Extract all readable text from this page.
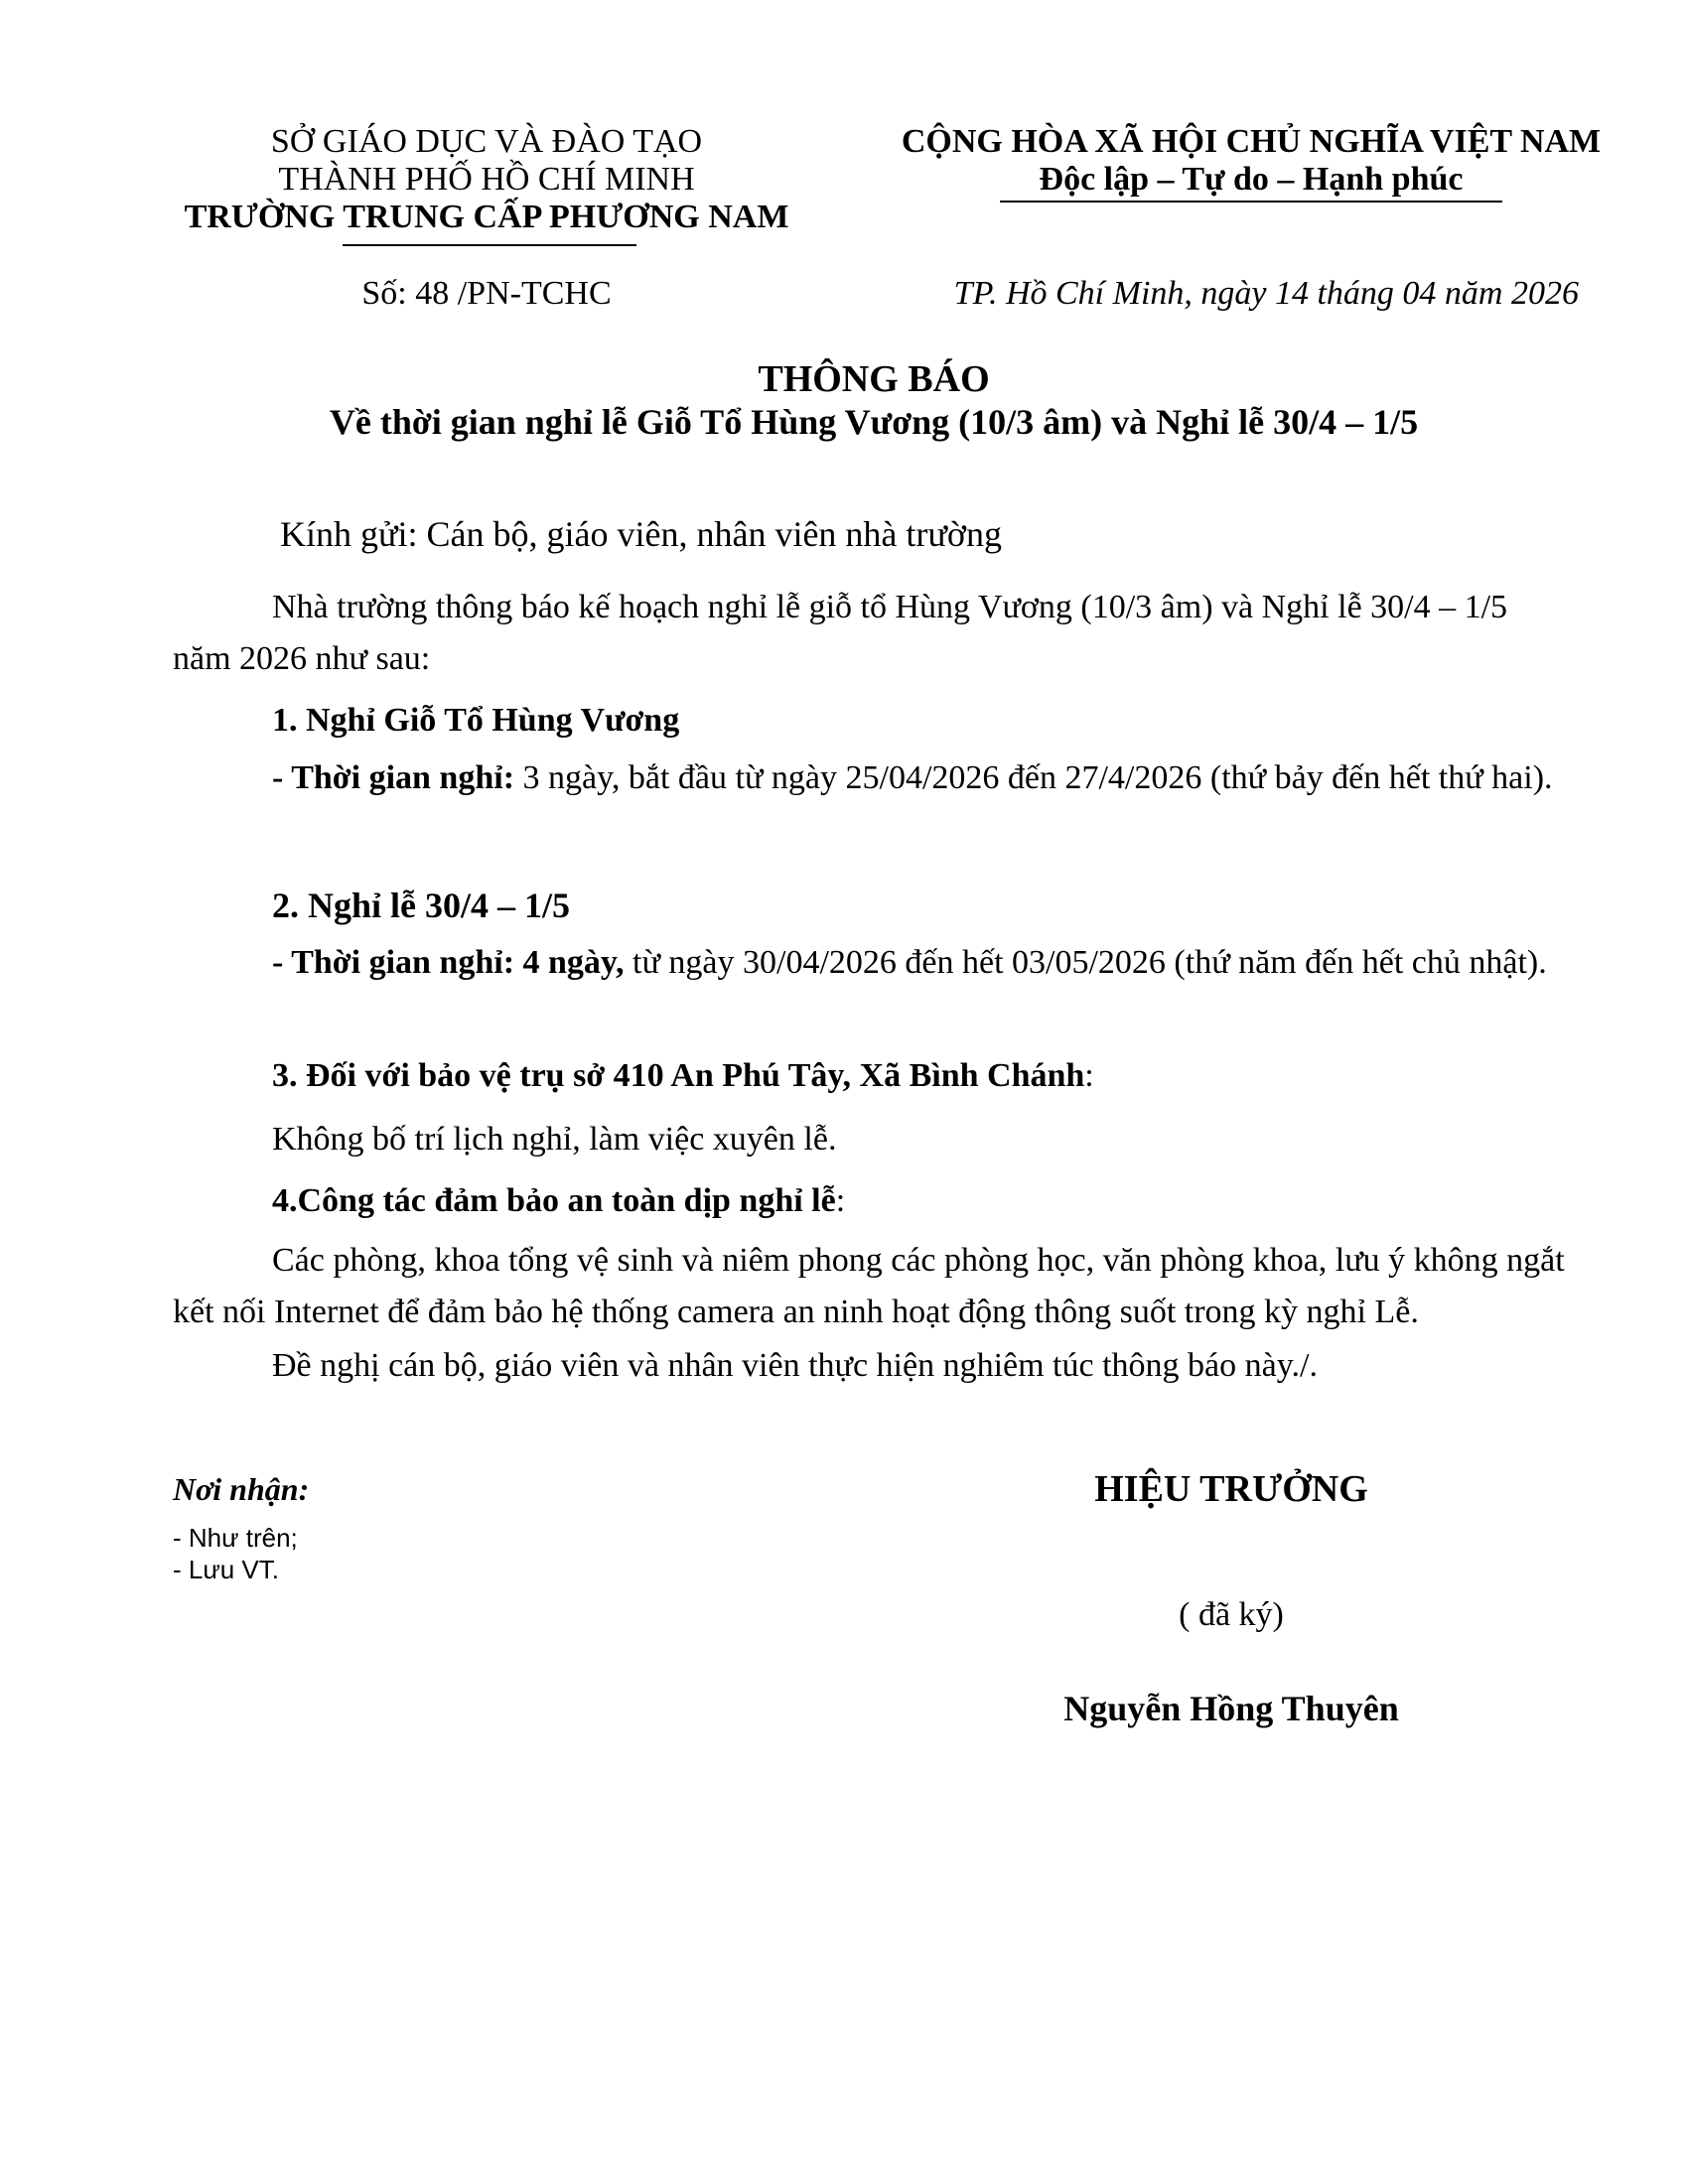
SỞ GIÁO DỤC VÀ ĐÀO TẠO
THÀNH PHỐ HỒ CHÍ MINH
TRƯỜNG TRUNG CẤP PHƯƠNG NAM
Số: 48 /PN-TCHC
CỘNG HÒA XÃ HỘI CHỦ NGHĨA VIỆT NAM
Độc lập – Tự do – Hạnh phúc
TP. Hồ Chí Minh, ngày 14 tháng 04 năm 2026
THÔNG BÁO
Về thời gian nghỉ lễ Giỗ Tổ Hùng Vương (10/3 âm) và Nghỉ lễ 30/4 – 1/5
Kính gửi: Cán bộ, giáo viên, nhân viên nhà trường
Nhà trường thông báo kế hoạch nghỉ lễ giỗ tổ Hùng Vương (10/3 âm) và Nghỉ lễ 30/4 – 1/5 năm 2026 như sau:
1. Nghỉ Giỗ Tổ Hùng Vương
- Thời gian nghỉ: 3 ngày, bắt đầu từ ngày 25/04/2026 đến 27/4/2026 (thứ bảy đến hết thứ hai).
2. Nghỉ lễ 30/4 – 1/5
- Thời gian nghỉ: 4 ngày, từ ngày 30/04/2026 đến hết 03/05/2026 (thứ năm đến hết chủ nhật).
3. Đối với bảo vệ trụ sở 410 An Phú Tây, Xã Bình Chánh:
Không bố trí lịch nghỉ, làm việc xuyên lễ.
4.Công tác đảm bảo an toàn dịp nghỉ lễ:
Các phòng, khoa tổng vệ sinh và niêm phong các phòng học, văn phòng khoa, lưu ý không ngắt kết nối Internet để đảm bảo hệ thống camera an ninh hoạt động thông suốt trong kỳ nghỉ Lễ.
Đề nghị cán bộ, giáo viên và nhân viên thực hiện nghiêm túc thông báo này./.
Nơi nhận:
- Như trên;
- Lưu VT.
HIỆU TRƯỞNG
( đã ký)
Nguyễn Hồng Thuyên
